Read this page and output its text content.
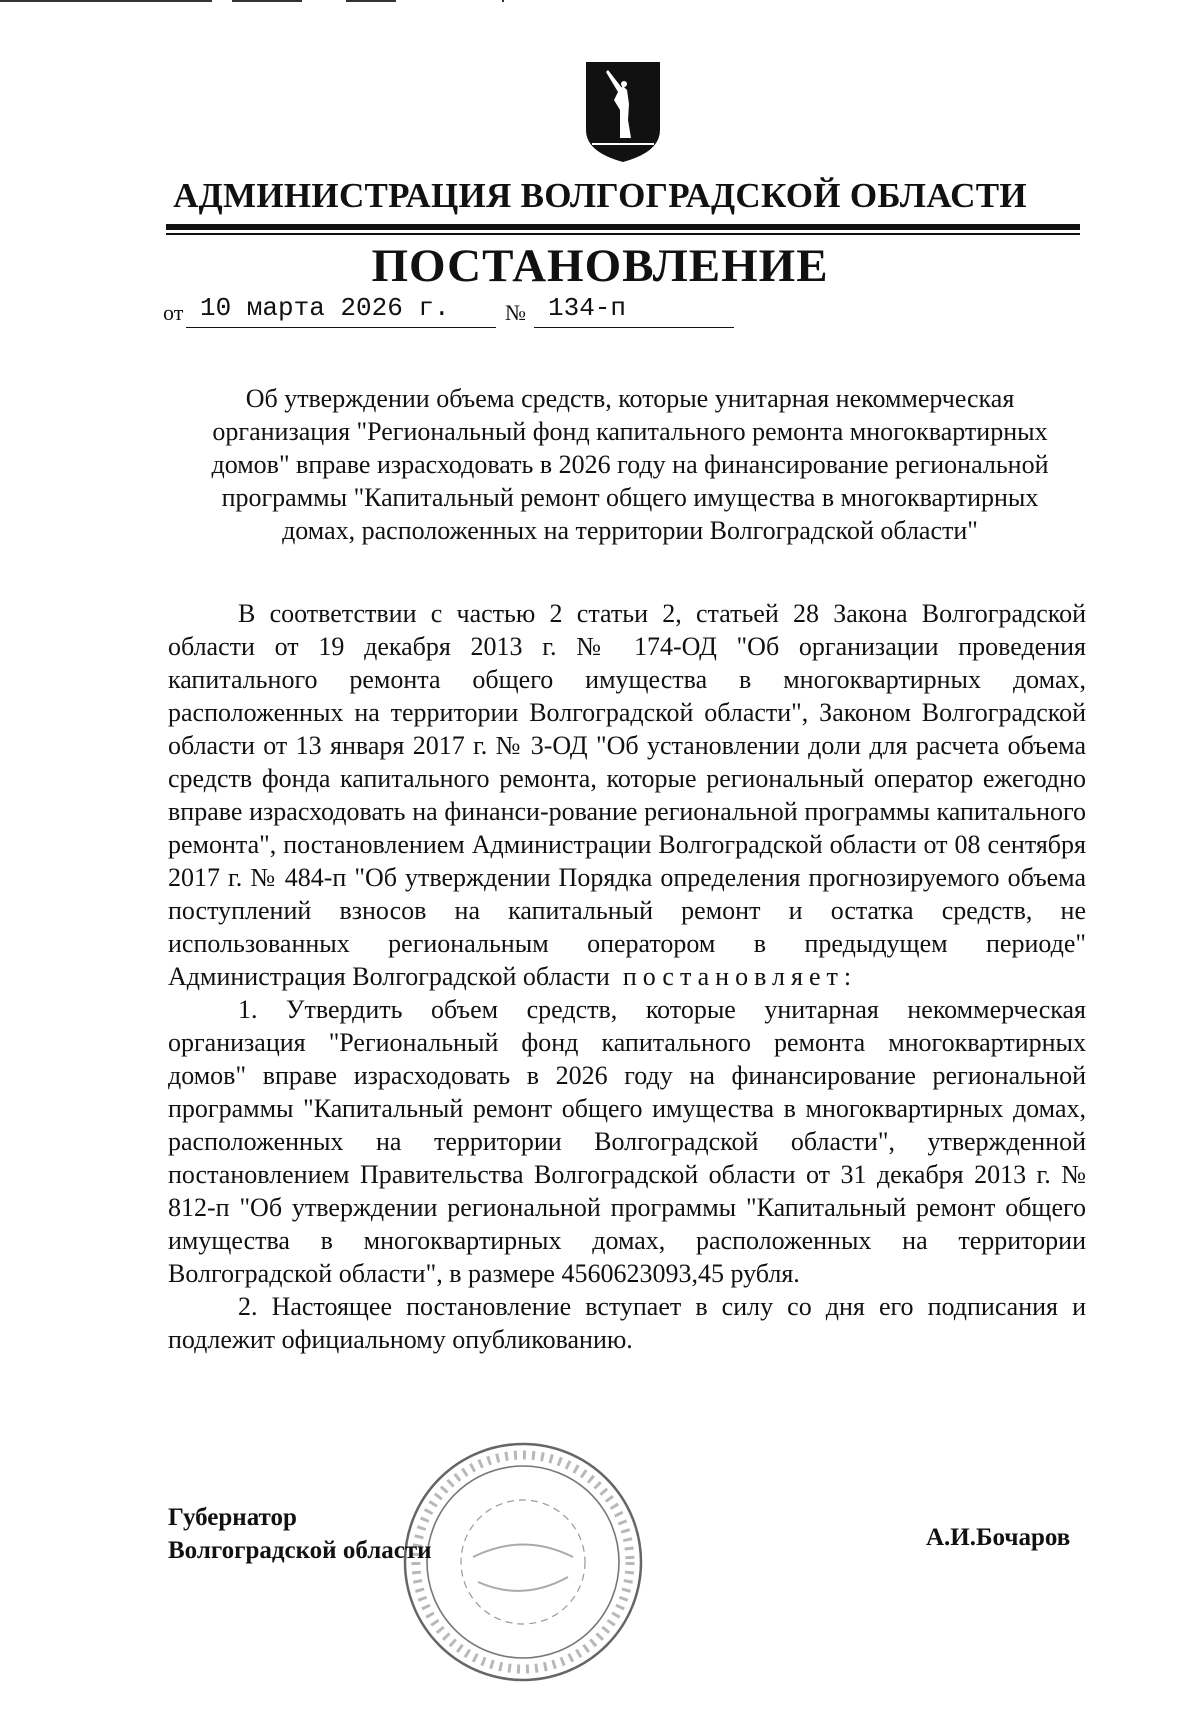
АДМИНИСТРАЦИЯ ВОЛГОГРАДСКОЙ ОБЛАСТИ
ПОСТАНОВЛЕНИЕ
от 10 марта 2026 г.	№ 134-п
Об утверждении объема средств, которые унитарная некоммерческая
организация "Региональный фонд капитального ремонта многоквартирных
домов" вправе израсходовать в 2026 году на финансирование региональной
программы "Капитальный ремонт общего имущества в многоквартирных
домах, расположенных на территории Волгоградской области"

В соответствии с частью 2 статьи 2, статьей 28 Закона Волгоградской области от 19 декабря 2013 г. № 174-ОД "Об организации проведения капитального ремонта общего имущества в многоквартирных домах, расположенных на территории Волгоградской области", Законом Волгоградской области от 13 января 2017 г. № 3-ОД "Об установлении доли для расчета объема средств фонда капитального ремонта, которые региональный оператор ежегодно вправе израсходовать на финанси-рование региональной программы капитального ремонта", постановлением Администрации Волгоградской области от 08 сентября 2017 г. № 484-п "Об утверждении Порядка определения прогнозируемого объема поступлений взносов на капитальный ремонт и остатка средств, не использованных региональным оператором в предыдущем периоде" Администрация Волгоградской области постановляет:

1. Утвердить объем средств, которые унитарная некоммерческая организация "Региональный фонд капитального ремонта многоквартирных домов" вправе израсходовать в 2026 году на финансирование региональной программы "Капитальный ремонт общего имущества в многоквартирных домах, расположенных на территории Волгоградской области", утвержденной постановлением Правительства Волгоградской области от 31 декабря 2013 г. № 812-п "Об утверждении региональной программы "Капитальный ремонт общего имущества в многоквартирных домах, расположенных на территории Волгоградской области", в размере 4560623093,45 рубля.

2. Настоящее постановление вступает в силу со дня его подписания и подлежит официальному опубликованию.

Губернатор
Волгоградской области	А.И.Бочаров
